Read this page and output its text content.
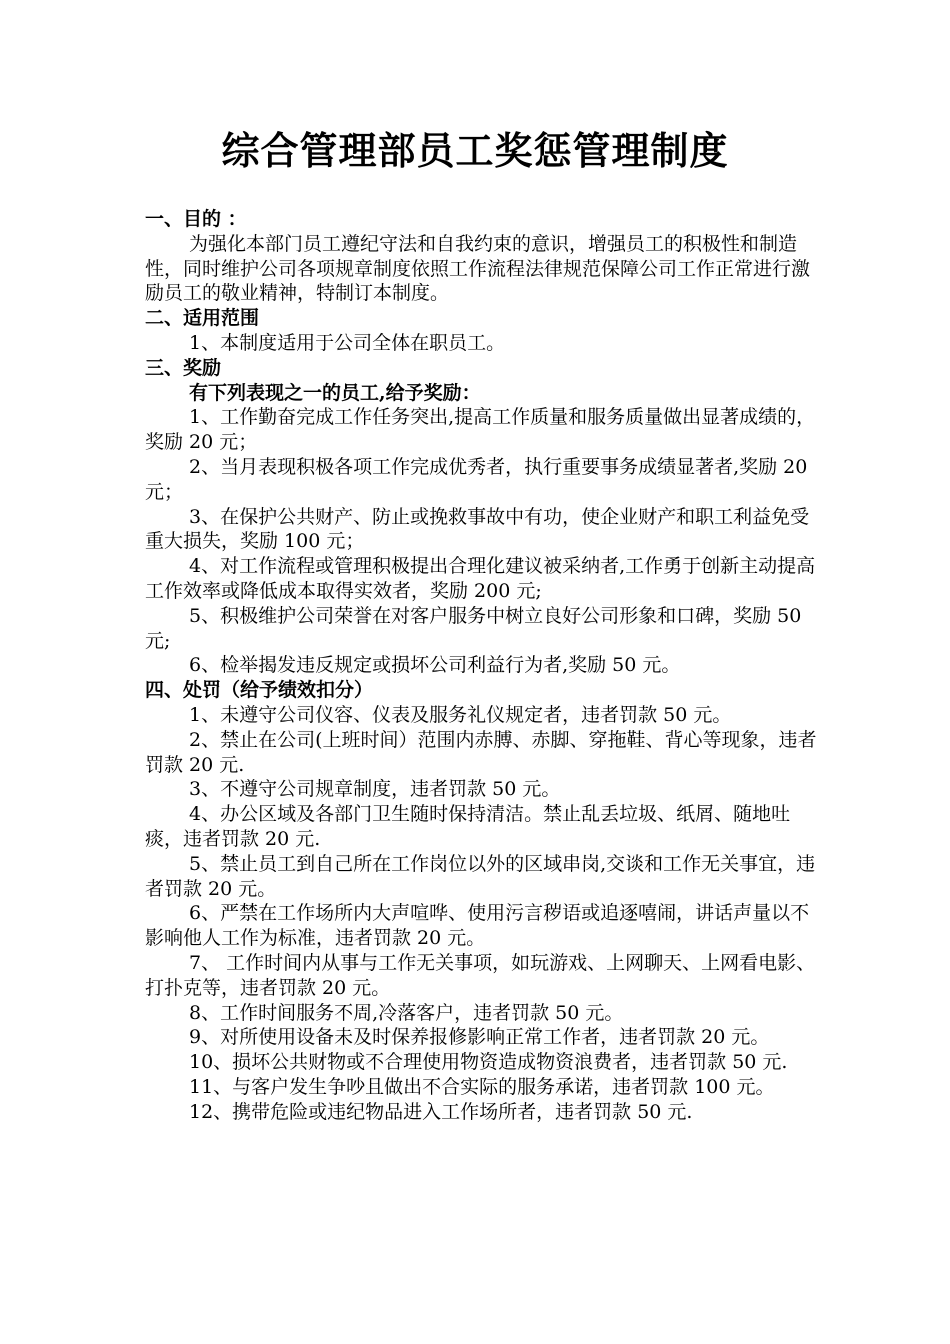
综合管理部员工奖惩管理制度

一、目的 ：

为强化本部门员工遵纪守法和自我约束的意识，增强员工的积极性和制造性，同时维护公司各项规章制度依照工作流程法律规范保障公司工作正常进行激励员工的敬业精神，特制订本制度。

二、适用范围

1、本制度适用于公司全体在职员工。

三、奖励

有下列表现之一的员工,给予奖励：

1、工作勤奋完成工作任务突出,提高工作质量和服务质量做出显著成绩的，奖励 20 元；

2、当月表现积极各项工作完成优秀者，执行重要事务成绩显著者,奖励 20 元；

3、在保护公共财产、防止或挽救事故中有功，使企业财产和职工利益免受重大损失，奖励 100 元；

4、对工作流程或管理积极提出合理化建议被采纳者,工作勇于创新主动提高工作效率或降低成本取得实效者，奖励 200 元;

5、积极维护公司荣誉在对客户服务中树立良好公司形象和口碑，奖励 50 元;

6、检举揭发违反规定或损坏公司利益行为者,奖励 50 元。

四、处罚（给予绩效扣分）

1、未遵守公司仪容、仪表及服务礼仪规定者，违者罚款 50 元。

2、禁止在公司(上班时间）范围内赤膊、赤脚、穿拖鞋、背心等现象，违者罚款 20 元.

3、不遵守公司规章制度，违者罚款 50 元。

4、办公区域及各部门卫生随时保持清洁。禁止乱丢垃圾、纸屑、随地吐痰，违者罚款 20 元.

5、禁止员工到自己所在工作岗位以外的区域串岗,交谈和工作无关事宜，违者罚款 20 元。

6、严禁在工作场所内大声喧哗、使用污言秽语或追逐嘻闹，讲话声量以不影响他人工作为标准，违者罚款 20 元。

7、 工作时间内从事与工作无关事项，如玩游戏、上网聊天、上网看电影、打扑克等，违者罚款 20 元。

8、工作时间服务不周,冷落客户，违者罚款 50 元。

9、对所使用设备未及时保养报修影响正常工作者，违者罚款 20 元。

10、损坏公共财物或不合理使用物资造成物资浪费者，违者罚款 50 元.

11、与客户发生争吵且做出不合实际的服务承诺，违者罚款 100 元。

12、携带危险或违纪物品进入工作场所者，违者罚款 50 元.
